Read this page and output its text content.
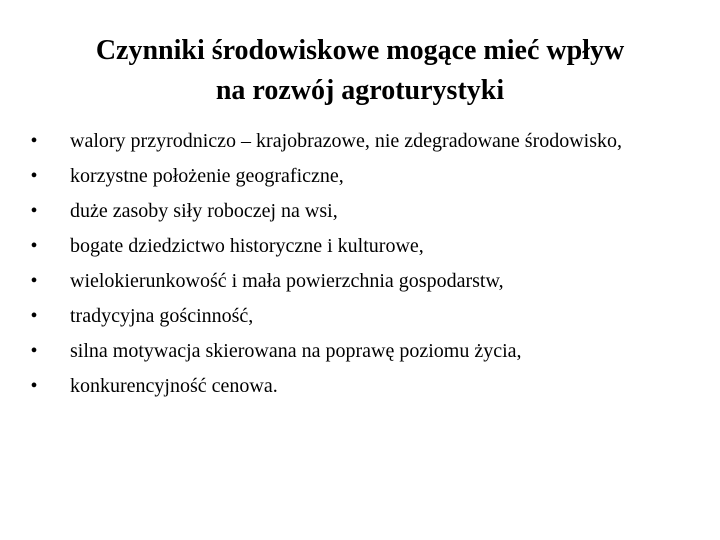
Czynniki środowiskowe mogące mieć wpływ
na rozwój agroturystyki
•	walory przyrodniczo – krajobrazowe, nie zdegradowane środowisko,
•	korzystne położenie geograficzne,
•	duże zasoby siły roboczej na wsi,
•	bogate dziedzictwo historyczne i kulturowe,
•	wielokierunkowość i mała powierzchnia gospodarstw,
•	tradycyjna gościnność,
•	silna motywacja skierowana na poprawę poziomu życia,
•	konkurencyjność cenowa.
